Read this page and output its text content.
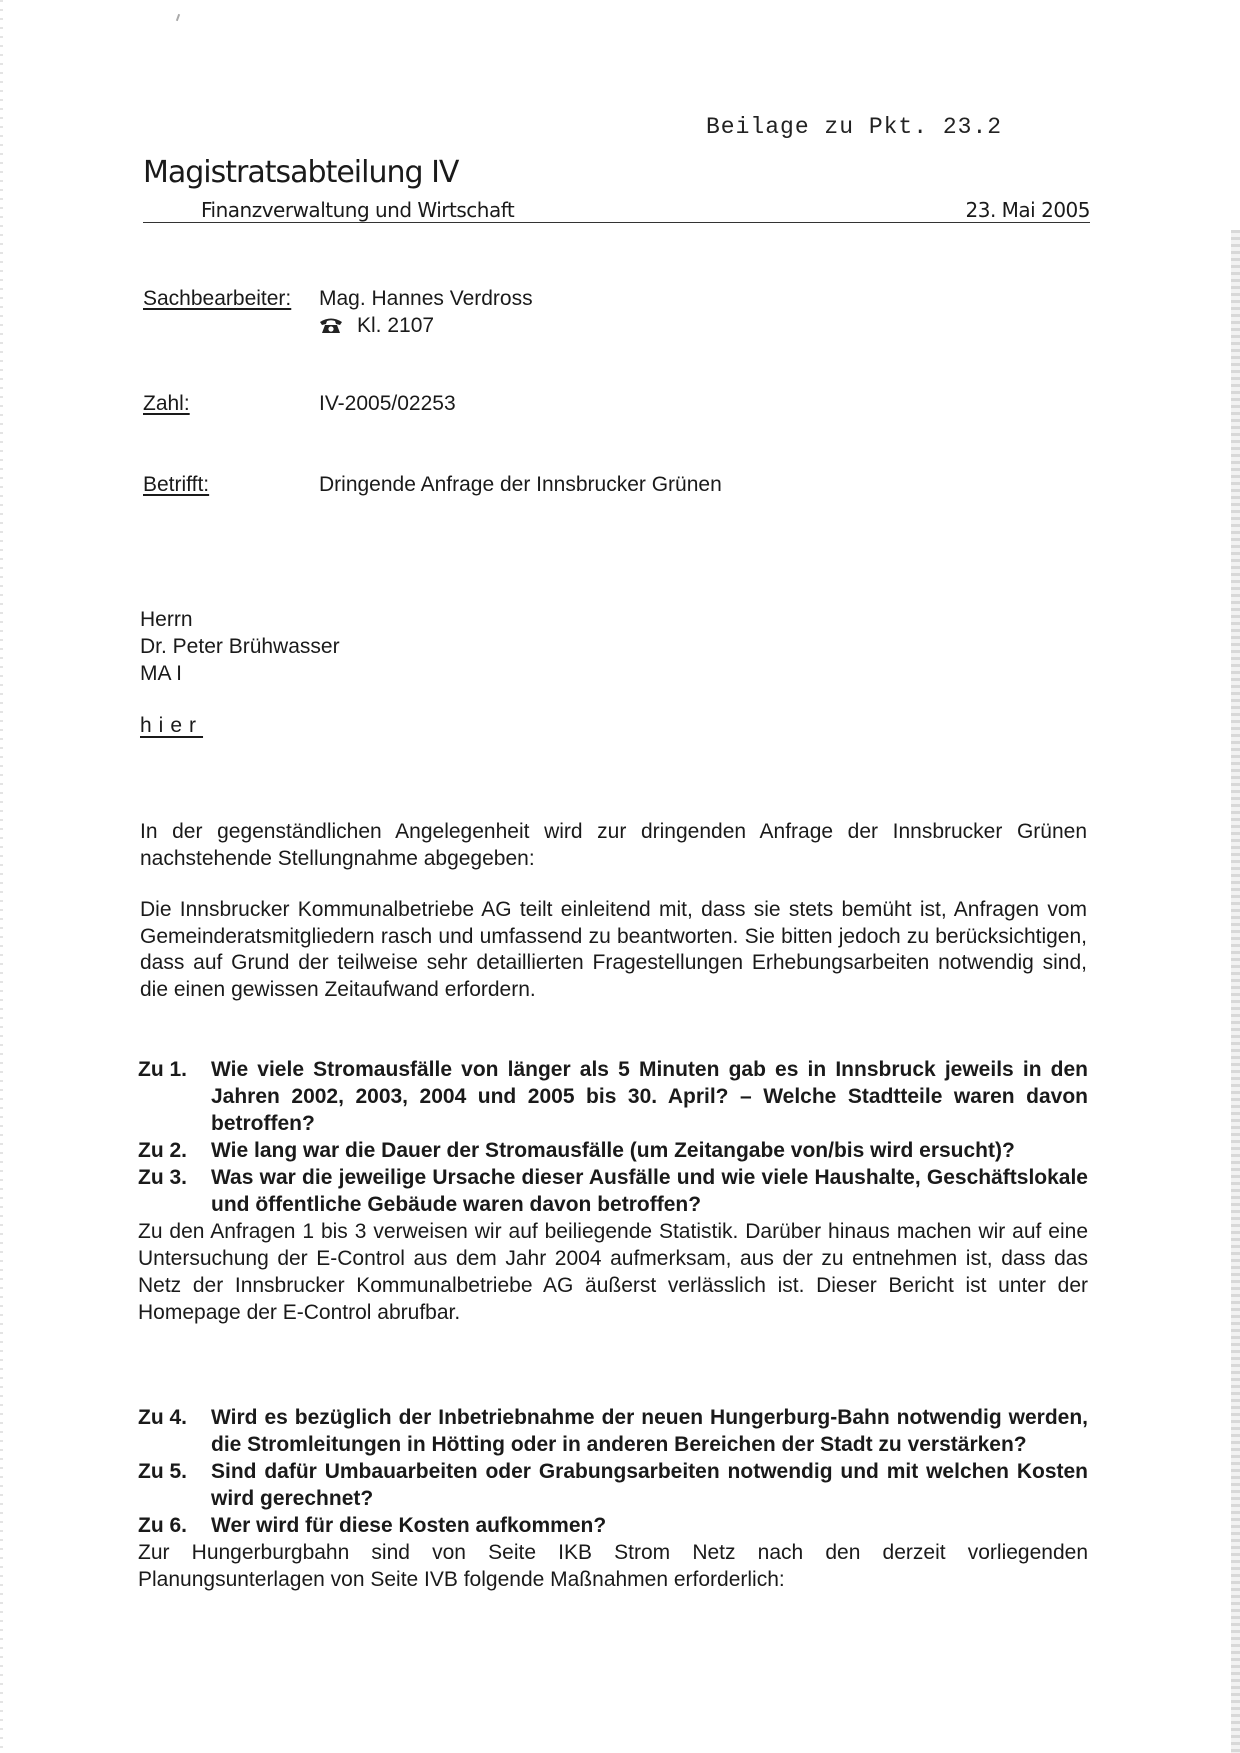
Beilage zu Pkt. 23.2
Magistratsabteilung IV
Finanzverwaltung und Wirtschaft	23. Mai 2005
Sachbearbeiter: Mag. Hannes Verdross
Kl. 2107
Zahl:	IV-2005/02253
Betrifft:	Dringende Anfrage der Innsbrucker Grünen
Herrn
Dr. Peter Brühwasser
MA I
hier
In der gegenständlichen Angelegenheit wird zur dringenden Anfrage der Innsbrucker Grünen nachstehende Stellungnahme abgegeben:
Die Innsbrucker Kommunalbetriebe AG teilt einleitend mit, dass sie stets bemüht ist, Anfragen vom Gemeinderatsmitgliedern rasch und umfassend zu beantworten. Sie bitten jedoch zu berücksichtigen, dass auf Grund der teilweise sehr detaillierten Fragestellungen Erhebungsarbeiten notwendig sind, die einen gewissen Zeitaufwand erfordern.
Zu 1.	Wie viele Stromausfälle von länger als 5 Minuten gab es in Innsbruck jeweils in den Jahren 2002, 2003, 2004 und 2005 bis 30. April? – Welche Stadtteile waren davon betroffen?
Zu 2.	Wie lang war die Dauer der Stromausfälle (um Zeitangabe von/bis wird ersucht)?
Zu 3.	Was war die jeweilige Ursache dieser Ausfälle und wie viele Haushalte, Geschäftslokale und öffentliche Gebäude waren davon betroffen?
Zu den Anfragen 1 bis 3 verweisen wir auf beiliegende Statistik. Darüber hinaus machen wir auf eine Untersuchung der E-Control aus dem Jahr 2004 aufmerksam, aus der zu entnehmen ist, dass das Netz der Innsbrucker Kommunalbetriebe AG äußerst verlässlich ist. Dieser Bericht ist unter der Homepage der E-Control abrufbar.
Zu 4.	Wird es bezüglich der Inbetriebnahme der neuen Hungerburg-Bahn notwendig werden, die Stromleitungen in Hötting oder in anderen Bereichen der Stadt zu verstärken?
Zu 5.	Sind dafür Umbauarbeiten oder Grabungsarbeiten notwendig und mit welchen Kosten wird gerechnet?
Zu 6.	Wer wird für diese Kosten aufkommen?
Zur Hungerburgbahn sind von Seite IKB Strom Netz nach den derzeit vorliegenden Planungsunterlagen von Seite IVB folgende Maßnahmen erforderlich:
